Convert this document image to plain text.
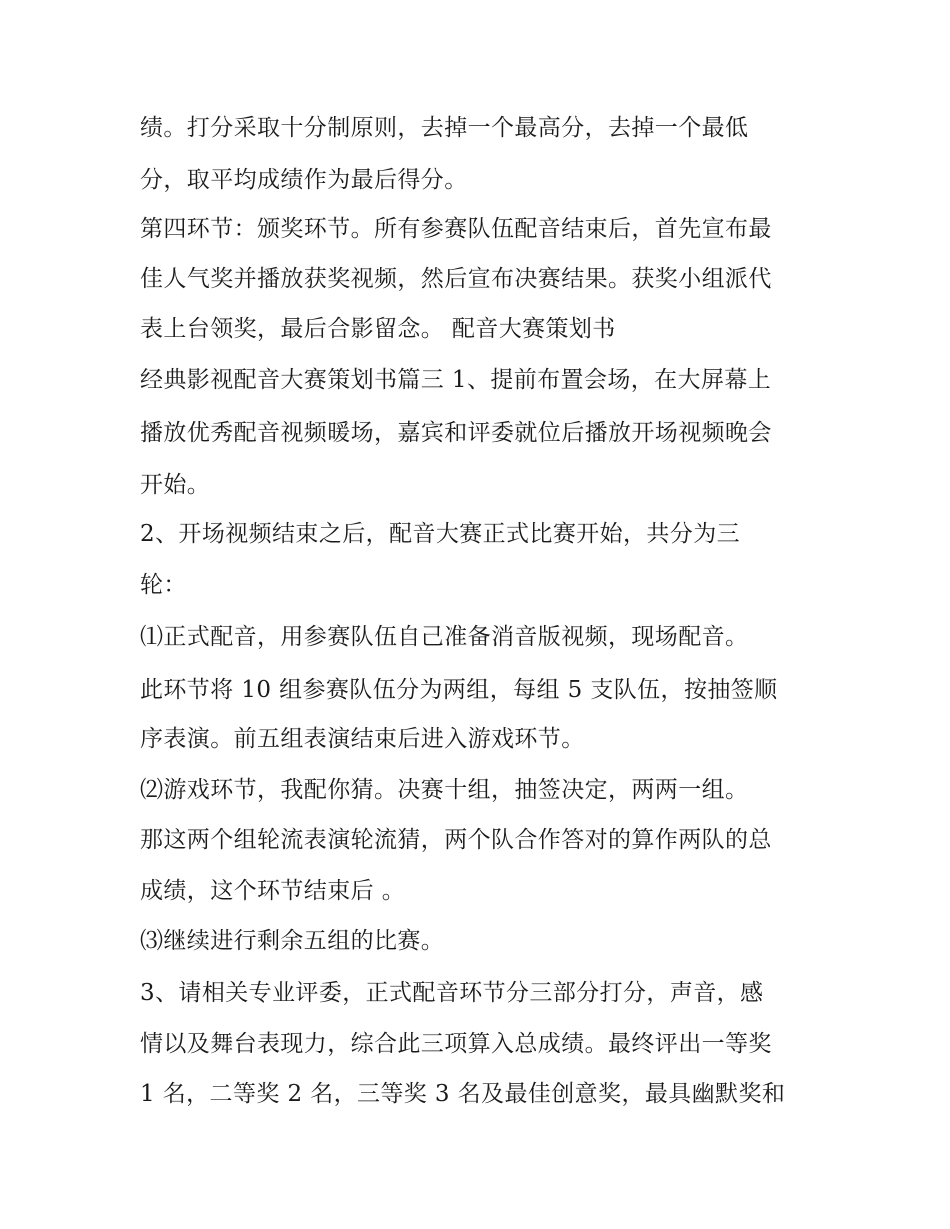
绩。打分采取十分制原则，去掉一个最高分，去掉一个最低
分，取平均成绩作为最后得分。
第四环节：颁奖环节。所有参赛队伍配音结束后，首先宣布最
佳人气奖并播放获奖视频，然后宣布决赛结果。获奖小组派代
表上台领奖，最后合影留念。 配音大赛策划书
经典影视配音大赛策划书篇三 1、提前布置会场，在大屏幕上
播放优秀配音视频暖场，嘉宾和评委就位后播放开场视频晚会
开始。
2、开场视频结束之后，配音大赛正式比赛开始，共分为三
轮：
⑴正式配音，用参赛队伍自己准备消音版视频，现场配音。
此环节将 10 组参赛队伍分为两组，每组 5 支队伍，按抽签顺
序表演。前五组表演结束后进入游戏环节。
⑵游戏环节，我配你猜。决赛十组，抽签决定，两两一组。
那这两个组轮流表演轮流猜，两个队合作答对的算作两队的总
成绩，这个环节结束后 。
⑶继续进行剩余五组的比赛。
3、请相关专业评委，正式配音环节分三部分打分，声音，感
情以及舞台表现力，综合此三项算入总成绩。最终评出一等奖
1 名，二等奖 2 名，三等奖 3 名及最佳创意奖，最具幽默奖和
